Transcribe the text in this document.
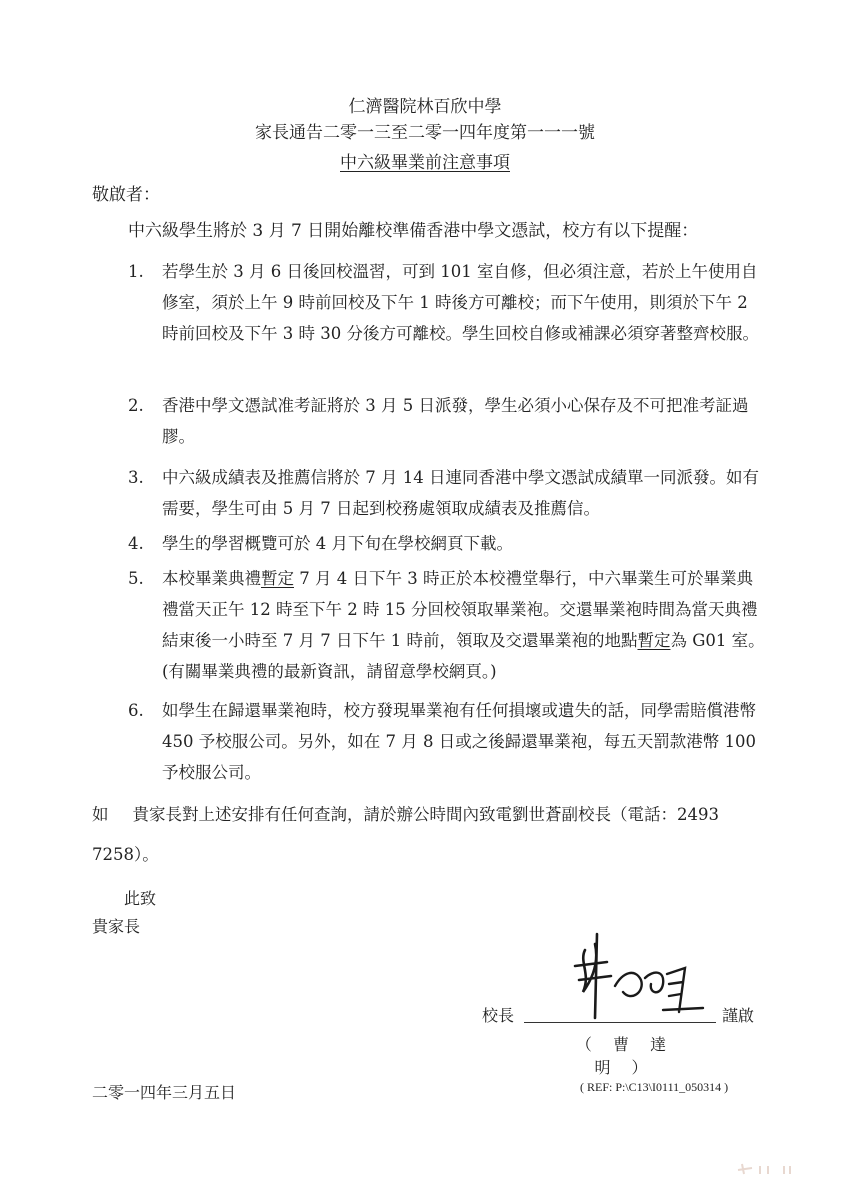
仁濟醫院林百欣中學
家長通告二零一三至二零一四年度第一一一號
中六級畢業前注意事項
敬啟者：
中六級學生將於 3 月 7 日開始離校準備香港中學文憑試，校方有以下提醒：
1.	若學生於 3 月 6 日後回校溫習，可到 101 室自修，但必須注意，若於上午使用自修室，須於上午 9 時前回校及下午 1 時後方可離校；而下午使用，則須於下午 2 時前回校及下午 3 時 30 分後方可離校。學生回校自修或補課必須穿著整齊校服。
2.	香港中學文憑試准考証將於 3 月 5 日派發，學生必須小心保存及不可把准考証過膠。
3.	中六級成績表及推薦信將於 7 月 14 日連同香港中學文憑試成績單一同派發。如有需要，學生可由 5 月 7 日起到校務處領取成績表及推薦信。
4.	學生的學習概覽可於 4 月下旬在學校網頁下載。
5.	本校畢業典禮暫定 7 月 4 日下午 3 時正於本校禮堂舉行，中六畢業生可於畢業典禮當天正午 12 時至下午 2 時 15 分回校領取畢業袍。交還畢業袍時間為當天典禮結束後一小時至 7 月 7 日下午 1 時前，領取及交還畢業袍的地點暫定為 G01 室。(有關畢業典禮的最新資訊，請留意學校網頁。)
6.	如學生在歸還畢業袍時，校方發現畢業袍有任何損壞或遺失的話，同學需賠償港幣 450 予校服公司。另外，如在 7 月 8 日或之後歸還畢業袍，每五天罰款港幣 100 予校服公司。
如 貴家長對上述安排有任何查詢，請於辦公時間內致電劉世蒼副校長（電話：2493 7258）。
此致
貴家長
校長	謹啟
（ 曹 達 明 ）
二零一四年三月五日	( REF: P:\C13\I0111_050314 )
